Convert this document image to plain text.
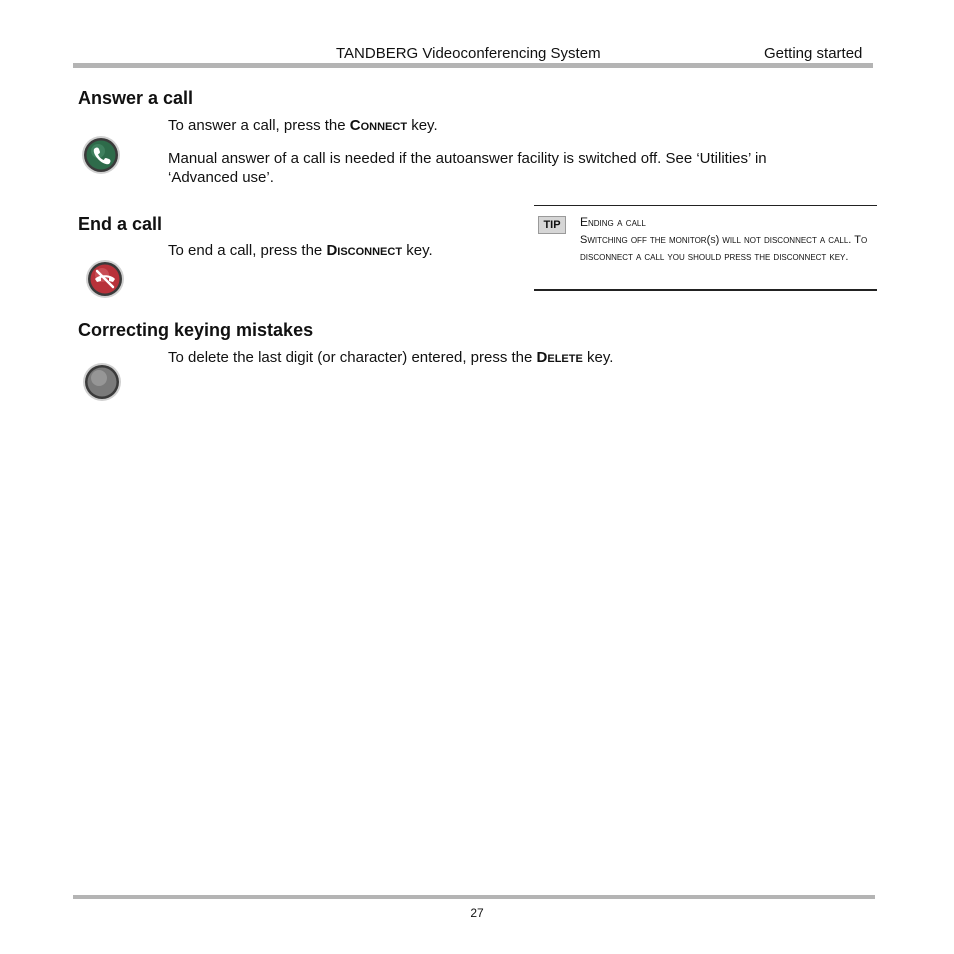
TANDBERG Videoconferencing System	Getting started
Answer a call
To answer a call, press the Connect key.
Manual answer of a call is needed if the autoanswer facility is switched off. See ‘Utilities’ in ‘Advanced use’.
End a call
To end a call, press the Disconnect key.
TIP	Ending a call
Switching off the monitor(s) will not disconnect a call. To disconnect a call you should press the disconnect key.
Correcting keying mistakes
To delete the last digit (or character) entered, press the Delete key.
27
